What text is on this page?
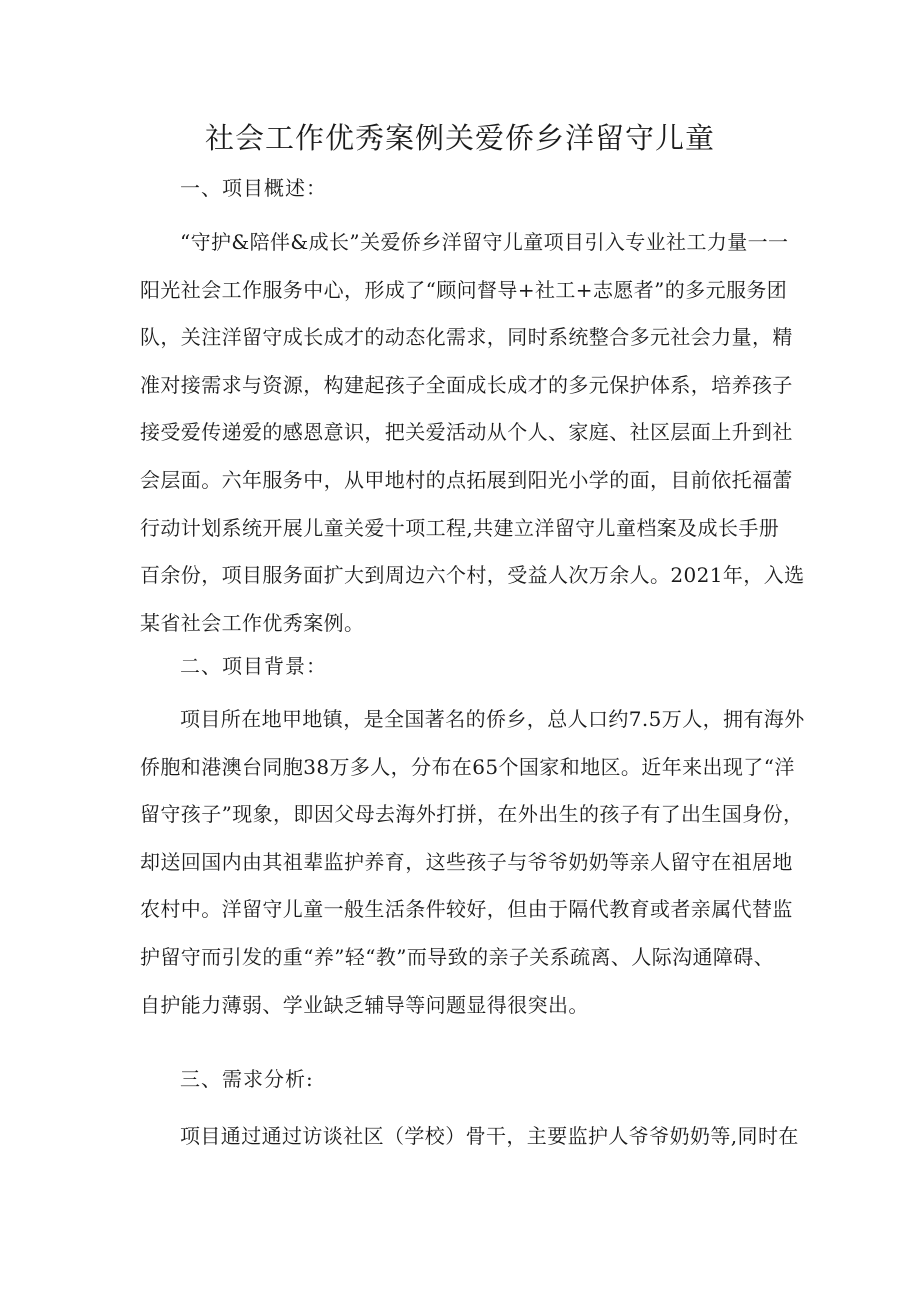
社会工作优秀案例关爱侨乡洋留守儿童
一、项目概述：
“守护&陪伴&成长”关爱侨乡洋留守儿童项目引入专业社工力量一一
阳光社会工作服务中心，形成了“顾问督导+社工+志愿者”的多元服务团
队，关注洋留守成长成才的动态化需求，同时系统整合多元社会力量，精
准对接需求与资源，构建起孩子全面成长成才的多元保护体系，培养孩子
接受爱传递爱的感恩意识，把关爱活动从个人、家庭、社区层面上升到社
会层面。六年服务中，从甲地村的点拓展到阳光小学的面，目前依托福蕾
行动计划系统开展儿童关爱十项工程,共建立洋留守儿童档案及成长手册
百余份，项目服务面扩大到周边六个村，受益人次万余人。2021年，入选
某省社会工作优秀案例。
二、项目背景：
项目所在地甲地镇，是全国著名的侨乡，总人口约7.5万人，拥有海外
侨胞和港澳台同胞38万多人，分布在65个国家和地区。近年来出现了“洋
留守孩子”现象，即因父母去海外打拼，在外出生的孩子有了出生国身份，
却送回国内由其祖辈监护养育，这些孩子与爷爷奶奶等亲人留守在祖居地
农村中。洋留守儿童一般生活条件较好，但由于隔代教育或者亲属代替监
护留守而引发的重“养”轻“教”而导致的亲子关系疏离、人际沟通障碍、
自护能力薄弱、学业缺乏辅导等问题显得很突出。
三、需求分析:
项目通过通过访谈社区（学校）骨干，主要监护人爷爷奶奶等,同时在
